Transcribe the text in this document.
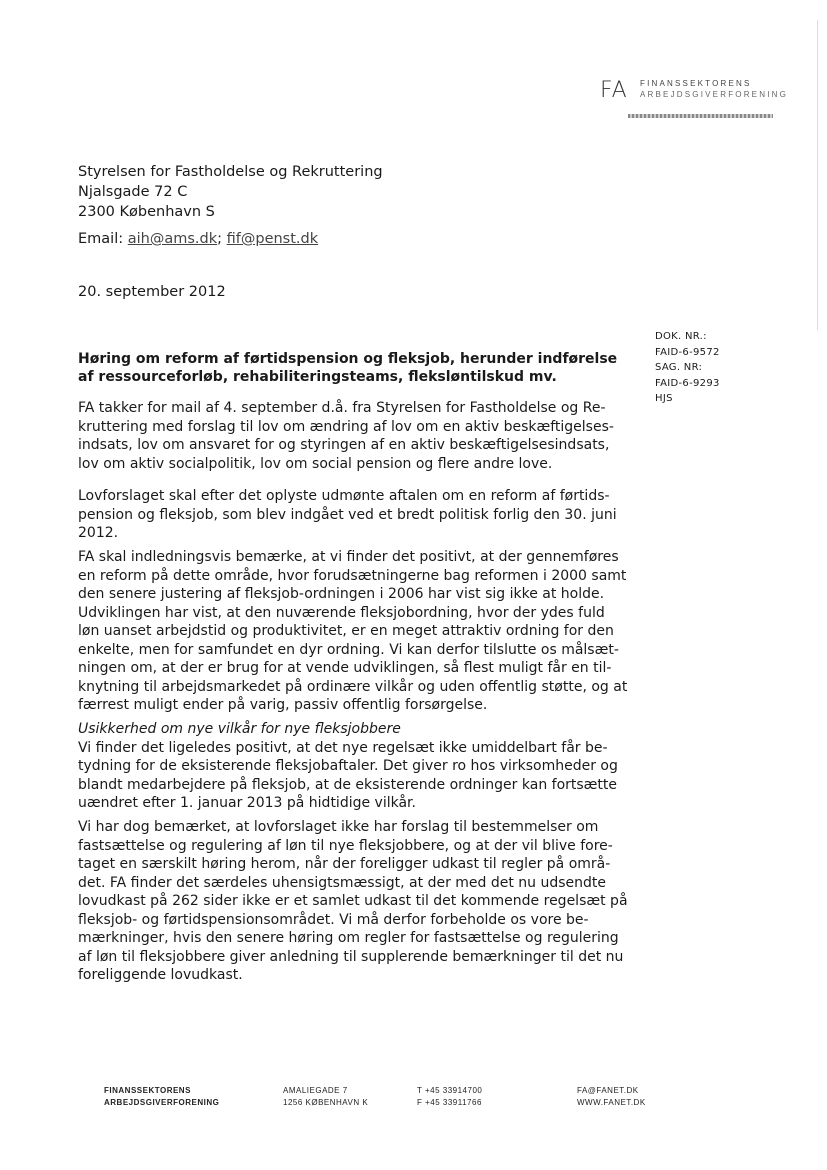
FA FINANSSEKTORENS
ARBEJDSGIVERFORENING
Styrelsen for Fastholdelse og Rekruttering
Njalsgade 72 C
2300 København S
Email: aih@ams.dk; fif@penst.dk
20. september 2012
DOK. NR.:
FAID-6-9572
SAG. NR:
FAID-6-9293
HJS
Høring om reform af førtidspension og fleksjob, herunder indførelse
af ressourceforløb, rehabiliteringsteams, fleksløntilskud mv.
FA takker for mail af 4. september d.å. fra Styrelsen for Fastholdelse og Re-
kruttering med forslag til lov om ændring af lov om en aktiv beskæftigelses-
indsats, lov om ansvaret for og styringen af en aktiv beskæftigelsesindsats,
lov om aktiv socialpolitik, lov om social pension og flere andre love.
Lovforslaget skal efter det oplyste udmønte aftalen om en reform af førtids-
pension og fleksjob, som blev indgået ved et bredt politisk forlig den 30. juni
2012.
FA skal indledningsvis bemærke, at vi finder det positivt, at der gennemføres
en reform på dette område, hvor forudsætningerne bag reformen i 2000 samt
den senere justering af fleksjob-ordningen i 2006 har vist sig ikke at holde.
Udviklingen har vist, at den nuværende fleksjobordning, hvor der ydes fuld
løn uanset arbejdstid og produktivitet, er en meget attraktiv ordning for den
enkelte, men for samfundet en dyr ordning. Vi kan derfor tilslutte os målsæt-
ningen om, at der er brug for at vende udviklingen, så flest muligt får en til-
knytning til arbejdsmarkedet på ordinære vilkår og uden offentlig støtte, og at
færrest muligt ender på varig, passiv offentlig forsørgelse.
Usikkerhed om nye vilkår for nye fleksjobbere
Vi finder det ligeledes positivt, at det nye regelsæt ikke umiddelbart får be-
tydning for de eksisterende fleksjobaftaler. Det giver ro hos virksomheder og
blandt medarbejdere på fleksjob, at de eksisterende ordninger kan fortsætte
uændret efter 1. januar 2013 på hidtidige vilkår.
Vi har dog bemærket, at lovforslaget ikke har forslag til bestemmelser om
fastsættelse og regulering af løn til nye fleksjobbere, og at der vil blive fore-
taget en særskilt høring herom, når der foreligger udkast til regler på områ-
det. FA finder det særdeles uhensigtsmæssigt, at der med det nu udsendte
lovudkast på 262 sider ikke er et samlet udkast til det kommende regelsæt på
fleksjob- og førtidspensionsområdet. Vi må derfor forbeholde os vore be-
mærkninger, hvis den senere høring om regler for fastsættelse og regulering
af løn til fleksjobbere giver anledning til supplerende bemærkninger til det nu
foreliggende lovudkast.
FINANSSEKTORENS
ARBEJDSGIVERFORENING
AMALIEGADE 7
1256 KØBENHAVN K
T +45 33914700
F +45 33911766
FA@FANET.DK
WWW.FANET.DK
